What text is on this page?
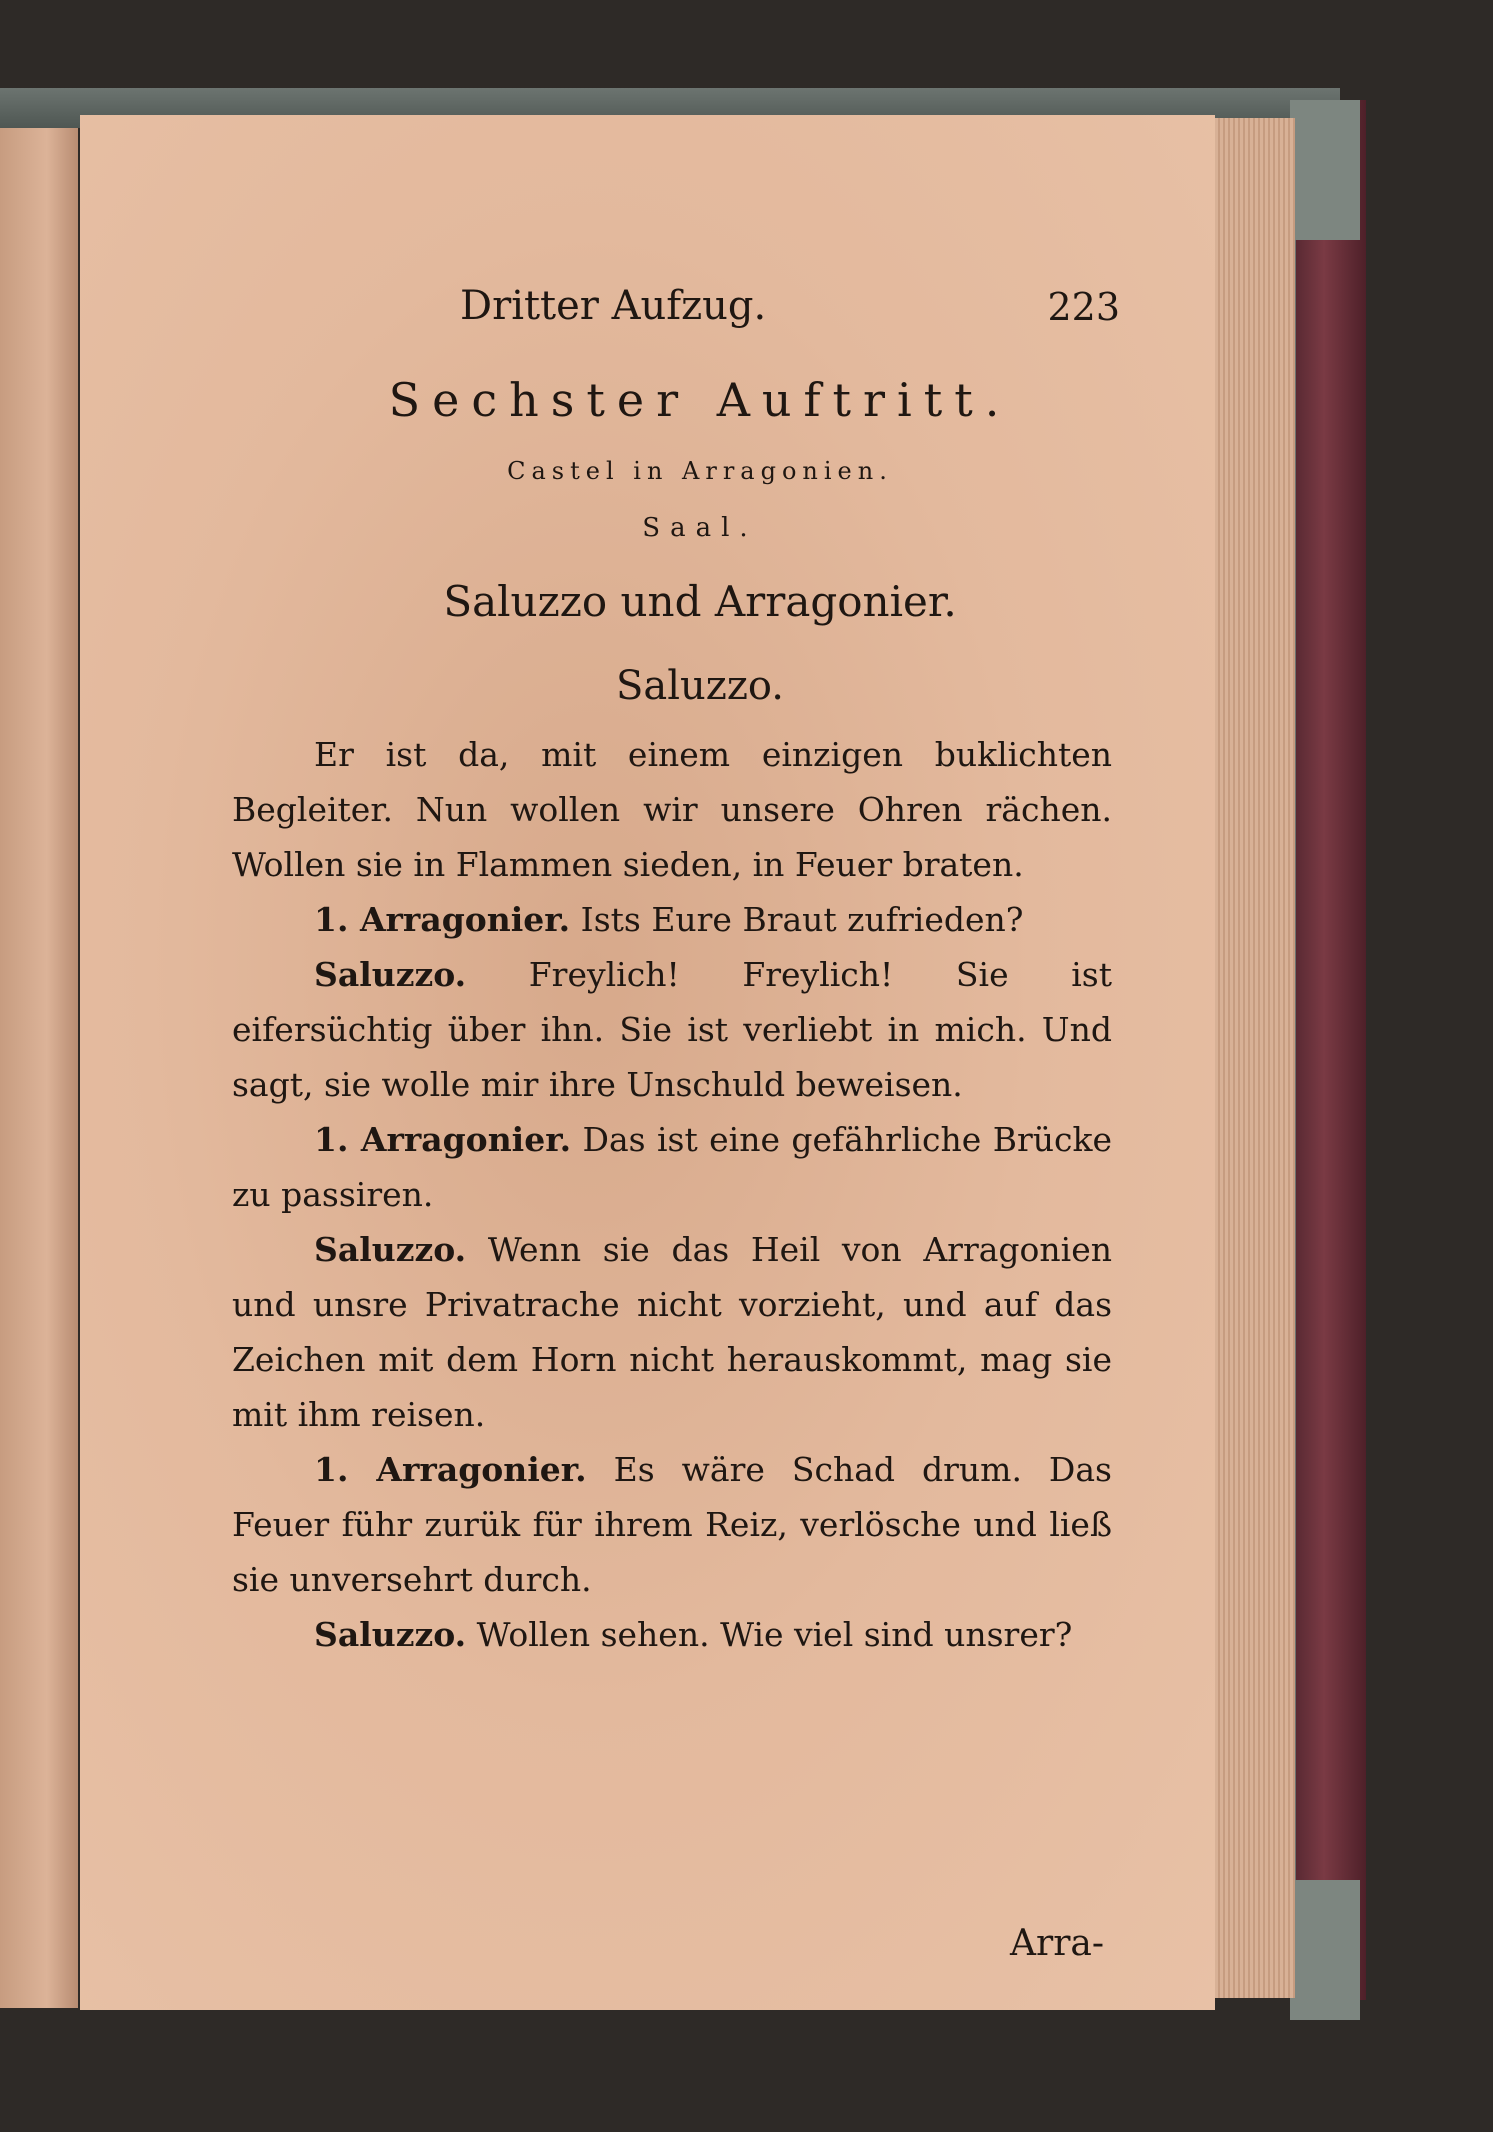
Dritter Aufzug.	223
Sechster Auftritt.
Castel in Arragonien.
Saal.
Saluzzo und Arragonier.
Saluzzo.

Er ist da, mit einem einzigen buklichten Begleiter. Nun wollen wir unsere Ohren rächen. Wollen sie in Flammen sieden, in Feuer braten.

1. Arragonier. Ists Eure Braut zufrieden?

Saluzzo. Freylich! Freylich! Sie ist eifersüchtig über ihn. Sie ist verliebt in mich. Und sagt, sie wolle mir ihre Unschuld beweisen.

1. Arragonier. Das ist eine gefährliche Brücke zu passiren.

Saluzzo. Wenn sie das Heil von Arragonien und unsre Privatrache nicht vorzieht, und auf das Zeichen mit dem Horn nicht herauskommt, mag sie mit ihm reisen.

1. Arragonier. Es wäre Schad drum. Das Feuer führ zurük für ihrem Reiz, verlösche und ließ sie unversehrt durch.

Saluzzo. Wollen sehen. Wie viel sind unsrer?

Arra-
